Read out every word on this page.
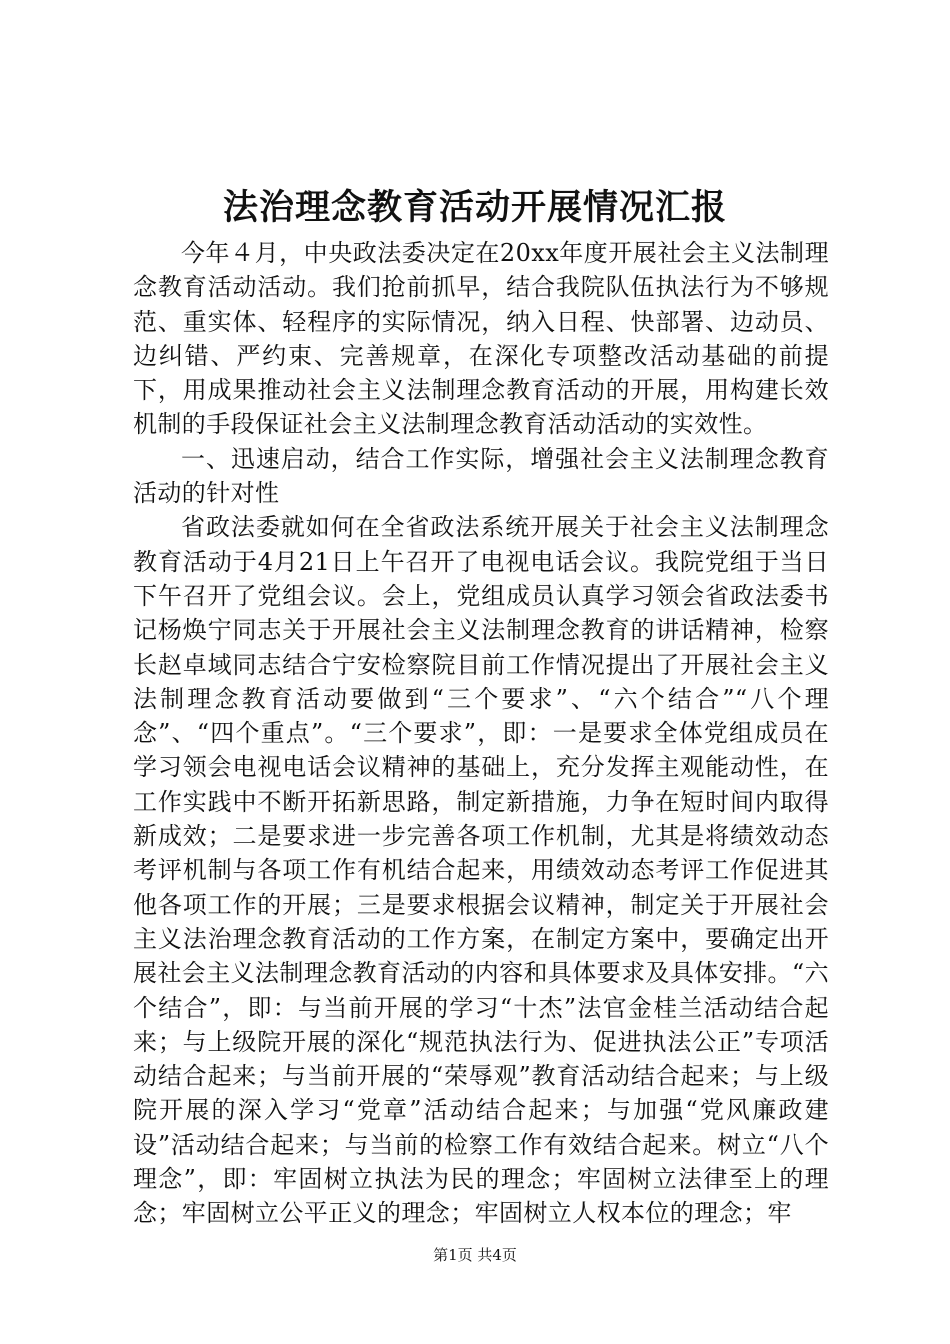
法治理念教育活动开展情况汇报

今年４月，中央政法委决定在20xx年度开展社会主义法制理念教育活动活动。我们抢前抓早，结合我院队伍执法行为不够规范、重实体、轻程序的实际情况，纳入日程、快部署、边动员、边纠错、严约束、完善规章，在深化专项整改活动基础的前提下，用成果推动社会主义法制理念教育活动的开展，用构建长效机制的手段保证社会主义法制理念教育活动活动的实效性。

一、迅速启动，结合工作实际，增强社会主义法制理念教育活动的针对性

省政法委就如何在全省政法系统开展关于社会主义法制理念教育活动于4月21日上午召开了电视电话会议。我院党组于当日下午召开了党组会议。会上，党组成员认真学习领会省政法委书记杨焕宁同志关于开展社会主义法制理念教育的讲话精神，检察长赵卓域同志结合宁安检察院目前工作情况提出了开展社会主义法制理念教育活动要做到“三个要求”、“六个结合”“八个理念”、“四个重点”。“三个要求”，即：一是要求全体党组成员在学习领会电视电话会议精神的基础上，充分发挥主观能动性，在工作实践中不断开拓新思路，制定新措施，力争在短时间内取得新成效；二是要求进一步完善各项工作机制，尤其是将绩效动态考评机制与各项工作有机结合起来，用绩效动态考评工作促进其他各项工作的开展；三是要求根据会议精神，制定关于开展社会主义法治理念教育活动的工作方案，在制定方案中，要确定出开展社会主义法制理念教育活动的内容和具体要求及具体安排。“六个结合”，即：与当前开展的学习“十杰”法官金桂兰活动结合起来；与上级院开展的深化“规范执法行为、促进执法公正”专项活动结合起来；与当前开展的“荣辱观”教育活动结合起来；与上级院开展的深入学习“党章”活动结合起来；与加强“党风廉政建设”活动结合起来；与当前的检察工作有效结合起来。树立“八个理念”，即：牢固树立执法为民的理念；牢固树立法律至上的理念；牢固树立公平正义的理念；牢固树立人权本位的理念；牢

第1页 共4页
